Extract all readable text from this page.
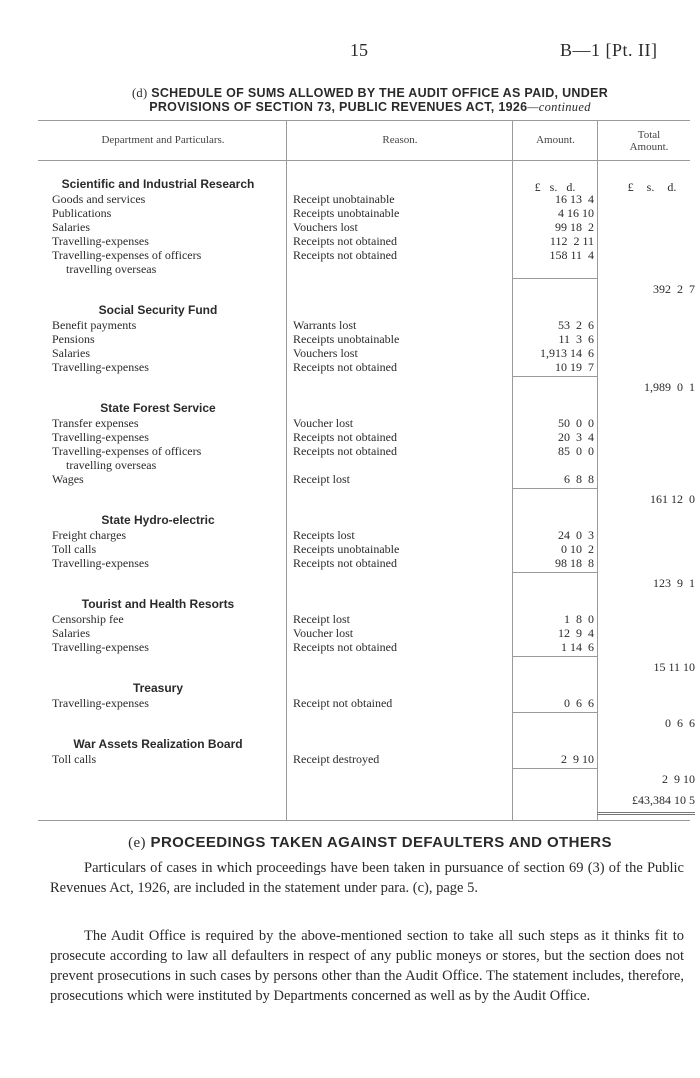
15	B—1 [Pt. II]
(d) SCHEDULE OF SUMS ALLOWED BY THE AUDIT OFFICE AS PAID, UNDER
PROVISIONS OF SECTION 73, PUBLIC REVENUES ACT, 1926—continued
Department and Particulars.	Reason.	Amount.	Total
Amount.
£ s. d.	£ s. d.
Scientific and Industrial Research
Goods and services	Receipt unobtainable	16 13  4
Publications	Receipts unobtainable	4 16 10
Salaries	Vouchers lost	99 18  2
Travelling-expenses	Receipts not obtained	112  2 11
Travelling-expenses of officers	Receipts not obtained	158 11  4
travelling overseas
392  2  7
Social Security Fund
Benefit payments	Warrants lost	53  2  6
Pensions	Receipts unobtainable	11  3  6
Salaries	Vouchers lost	1,913 14  6
Travelling-expenses	Receipts not obtained	10 19  7
1,989  0  1
State Forest Service
Transfer expenses	Voucher lost	50  0  0
Travelling-expenses	Receipts not obtained	20  3  4
Travelling-expenses of officers	Receipts not obtained	85  0  0
travelling overseas
Wages	Receipt lost	6  8  8
161 12  0
State Hydro-electric
Freight charges	Receipts lost	24  0  3
Toll calls	Receipts unobtainable	0 10  2
Travelling-expenses	Receipts not obtained	98 18  8
123  9  1
Tourist and Health Resorts
Censorship fee	Receipt lost	1  8  0
Salaries	Voucher lost	12  9  4
Travelling-expenses	Receipts not obtained	1 14  6
15 11 10
Treasury
Travelling-expenses	Receipt not obtained	0  6  6
0  6  6
War Assets Realization Board
Toll calls	Receipt destroyed	2  9 10
2  9 10
£43,384 10 5
(e) PROCEEDINGS TAKEN AGAINST DEFAULTERS AND OTHERS
Particulars of cases in which proceedings have been taken in pursuance of section 69 (3) of the Public Revenues Act, 1926, are included in the statement under para. (c), page 5.
The Audit Office is required by the above-mentioned section to take all such steps as it thinks fit to prosecute according to law all defaulters in respect of any public moneys or stores, but the section does not prevent prosecutions in such cases by persons other than the Audit Office. The statement includes, therefore, prosecutions which were instituted by Departments concerned as well as by the Audit Office.
